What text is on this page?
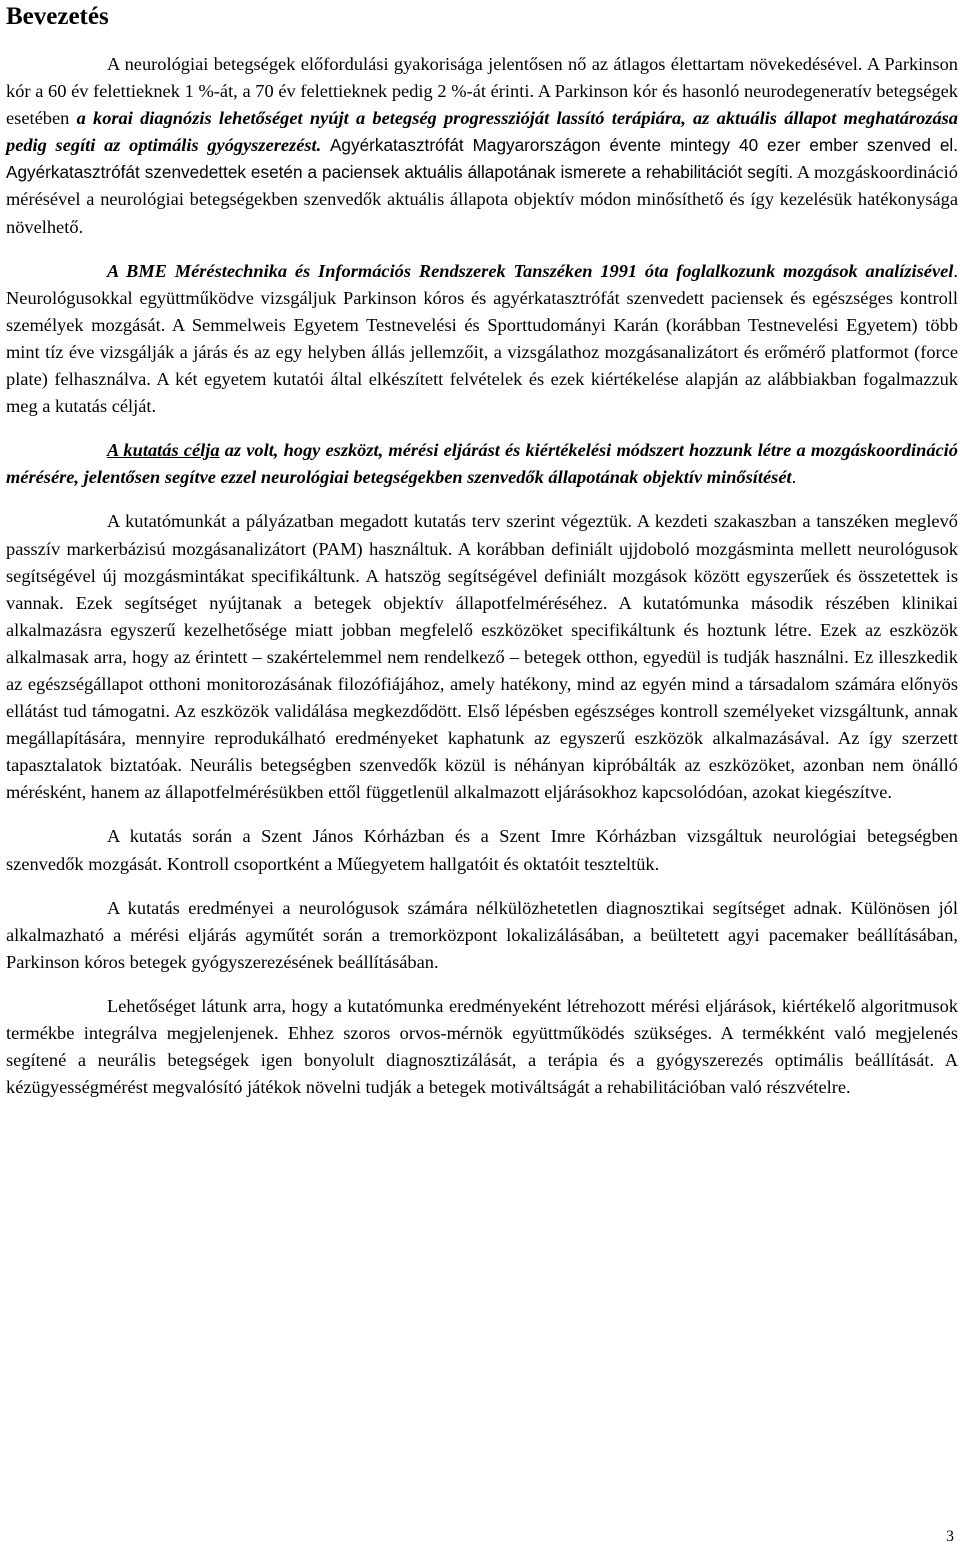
Bevezetés

A neurológiai betegségek előfordulási gyakorisága jelentősen nő az átlagos élettartam növekedésével. A Parkinson kór a 60 év felettieknek 1 %-át, a 70 év felettieknek pedig 2 %-át érinti. A Parkinson kór és hasonló neurodegeneratív betegségek esetében a korai diagnózis lehetőséget nyújt a betegség progresszióját lassító terápiára, az aktuális állapot meghatározása pedig segíti az optimális gyógyszerezést. Agyérkatasztrófát Magyarországon évente mintegy 40 ezer ember szenved el. Agyérkatasztrófát szenvedettek esetén a paciensek aktuális állapotának ismerete a rehabilitációt segíti. A mozgáskoordináció mérésével a neurológiai betegségekben szenvedők aktuális állapota objektív módon minősíthető és így kezelésük hatékonysága növelhető.

A BME Méréstechnika és Információs Rendszerek Tanszéken 1991 óta foglalkozunk mozgások analízisével. Neurológusokkal együttműködve vizsgáljuk Parkinson kóros és agyérkatasztrófát szenvedett paciensek és egészséges kontroll személyek mozgását. A Semmelweis Egyetem Testnevelési és Sporttudományi Karán (korábban Testnevelési Egyetem) több mint tíz éve vizsgálják a járás és az egy helyben állás jellemzőit, a vizsgálathoz mozgásanalizátort és erőmérő platformot (force plate) felhasználva. A két egyetem kutatói által elkészített felvételek és ezek kiértékelése alapján az alábbiakban fogalmazzuk meg a kutatás célját.

A kutatás célja az volt, hogy eszközt, mérési eljárást és kiértékelési módszert hozzunk létre a mozgáskoordináció mérésére, jelentősen segítve ezzel neurológiai betegségekben szenvedők állapotának objektív minősítését.

A kutatómunkát a pályázatban megadott kutatás terv szerint végeztük. A kezdeti szakaszban a tanszéken meglevő passzív markerbázisú mozgásanalizátort (PAM) használtuk. A korábban definiált ujjdoboló mozgásminta mellett neurológusok segítségével új mozgásmintákat specifikáltunk. A hatszög segítségével definiált mozgások között egyszerűek és összetettek is vannak. Ezek segítséget nyújtanak a betegek objektív állapotfelméréséhez. A kutatómunka második részében klinikai alkalmazásra egyszerű kezelhetősége miatt jobban megfelelő eszközöket specifikáltunk és hoztunk létre. Ezek az eszközök alkalmasak arra, hogy az érintett – szakértelemmel nem rendelkező – betegek otthon, egyedül is tudják használni. Ez illeszkedik az egészségállapot otthoni monitorozásának filozófiájához, amely hatékony, mind az egyén mind a társadalom számára előnyös ellátást tud támogatni. Az eszközök validálása megkezdődött. Első lépésben egészséges kontroll személyeket vizsgáltunk, annak megállapítására, mennyire reprodukálható eredményeket kaphatunk az egyszerű eszközök alkalmazásával. Az így szerzett tapasztalatok biztatóak. Neurális betegségben szenvedők közül is néhányan kipróbálták az eszközöket, azonban nem önálló mérésként, hanem az állapotfelmérésükben ettől függetlenül alkalmazott eljárásokhoz kapcsolódóan, azokat kiegészítve.

A kutatás során a Szent János Kórházban és a Szent Imre Kórházban vizsgáltuk neurológiai betegségben szenvedők mozgását. Kontroll csoportként a Műegyetem hallgatóit és oktatóit teszteltük.

A kutatás eredményei a neurológusok számára nélkülözhetetlen diagnosztikai segítséget adnak. Különösen jól alkalmazható a mérési eljárás agyműtét során a tremorközpont lokalizálásában, a beültetett agyi pacemaker beállításában, Parkinson kóros betegek gyógyszerezésének beállításában.

Lehetőséget látunk arra, hogy a kutatómunka eredményeként létrehozott mérési eljárások, kiértékelő algoritmusok termékbe integrálva megjelenjenek. Ehhez szoros orvos-mérnök együttműködés szükséges. A termékként való megjelenés segítené a neurális betegségek igen bonyolult diagnosztizálását, a terápia és a gyógyszerezés optimális beállítását. A kézügyességmérést megvalósító játékok növelni tudják a betegek motiváltságát a rehabilitációban való részvételre.

3
